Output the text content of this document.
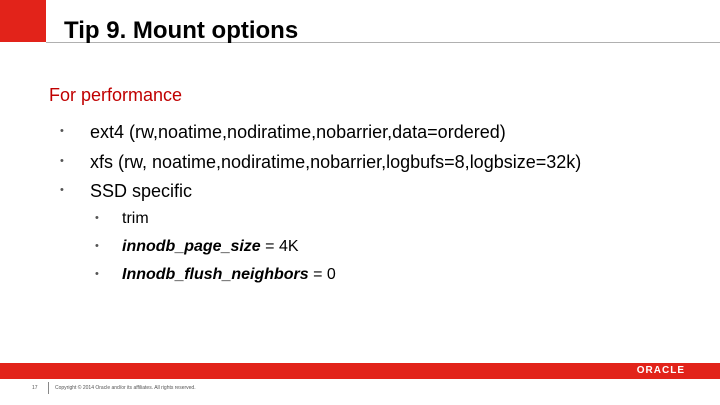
Tip 9. Mount options
For performance
• ext4 (rw,noatime,nodiratime,nobarrier,data=ordered)
• xfs (rw, noatime,nodiratime,nobarrier,logbufs=8,logbsize=32k)
• SSD specific
• trim
• innodb_page_size = 4K
• Innodb_flush_neighbors = 0
ORACLE
17	Copyright © 2014 Oracle and/or its affiliates. All rights reserved.
